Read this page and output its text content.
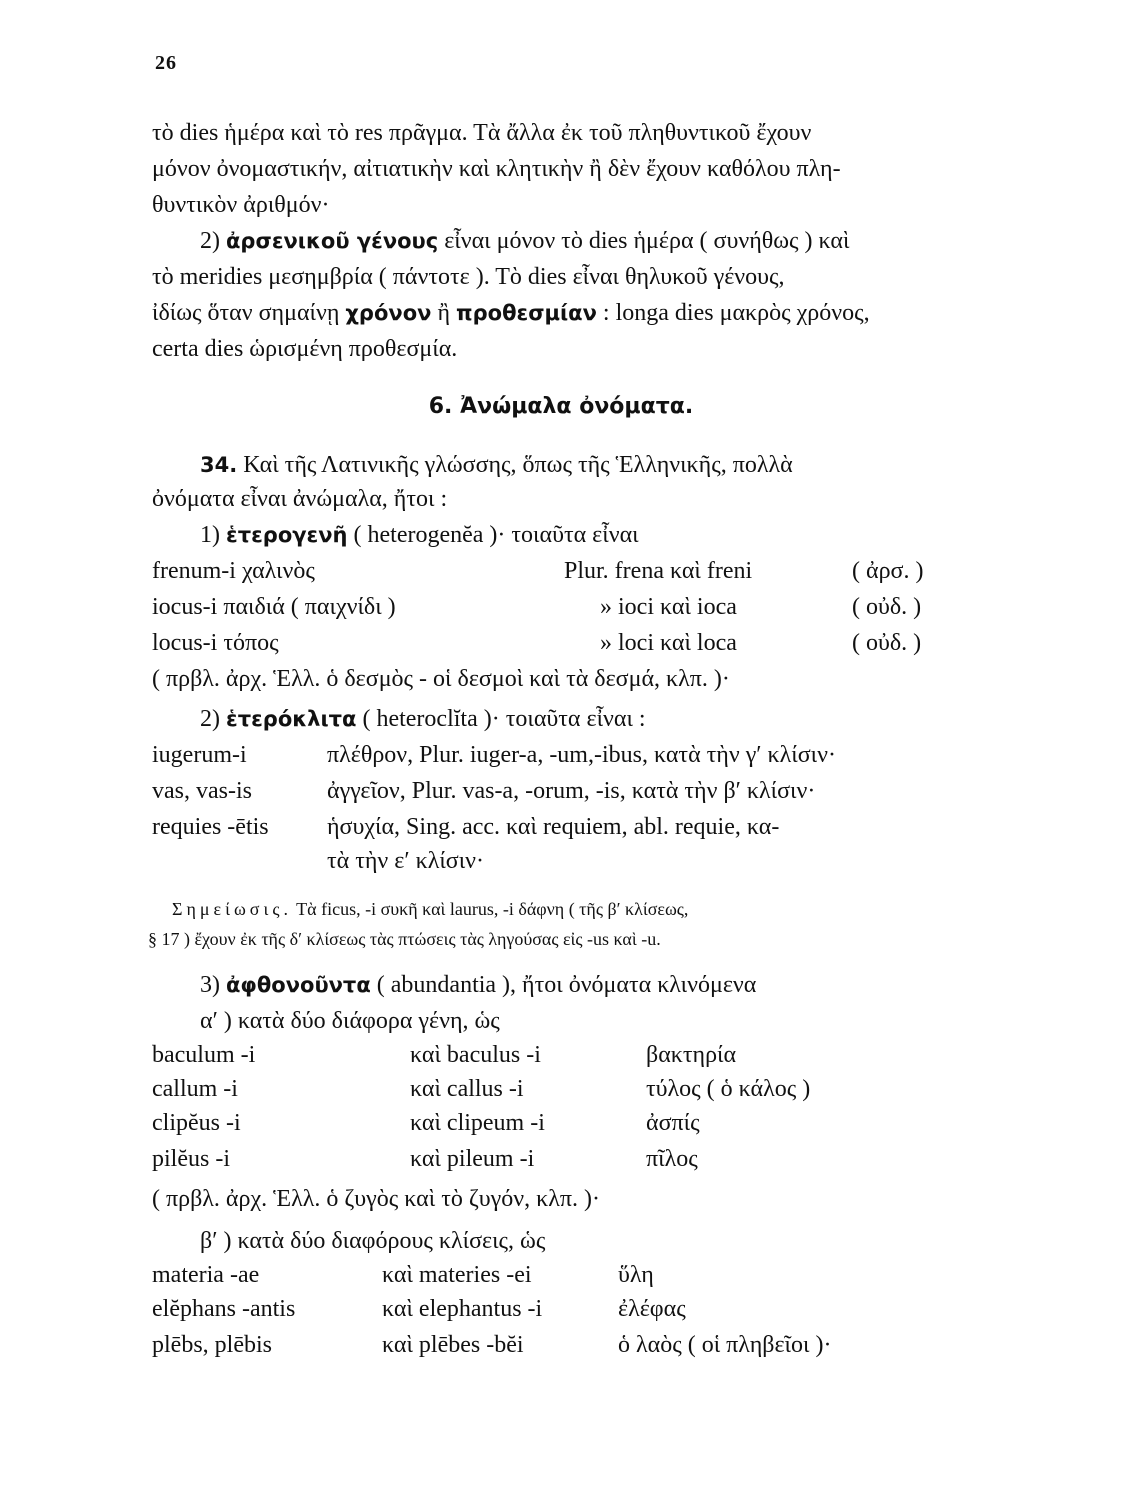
26
τὸ dies ἡμέρα καὶ τὸ res πρᾶγμα. Τὰ ἄλλα ἐκ τοῦ πληθυντικοῦ ἔχουν
μόνον ὀνομαστικήν, αἰτιατικὴν καὶ κλητικὴν ἢ δὲν ἔχουν καθόλου πλη-
θυντικὸν ἀριθμόν·
2) ἀρσενικοῦ γένους εἶναι μόνον τὸ dies ἡμέρα ( συνήθως ) καὶ
τὸ meridies μεσημβρία ( πάντοτε ). Τὸ dies εἶναι θηλυκοῦ γένους,
ἰδίως ὅταν σημαίνῃ χρόνον ἢ προθεσμίαν : longa dies μακρὸς χρόνος,
certa dies ὡρισμένη προθεσμία.
6. Ἀνώμαλα ὀνόματα.
34. Καὶ τῆς Λατινικῆς γλώσσης, ὅπως τῆς Ἑλληνικῆς, πολλὰ
ὀνόματα εἶναι ἀνώμαλα, ἤτοι :
1) ἑτερογενῆ ( heterogenĕa )· τοιαῦτα εἶναι
frenum-i χαλινὸς	Plur. frena καὶ freni	( ἀρσ. )
iocus-i παιδιά ( παιχνίδι )	» ioci καὶ ioca	( οὐδ. )
locus-i τόπος	» loci καὶ loca	( οὐδ. )
( πρβλ. ἀρχ. Ἑλλ. ὁ δεσμὸς - οἱ δεσμοὶ καὶ τὰ δεσμά, κλπ. )·
2) ἑτερόκλιτα ( heteroclĭta )· τοιαῦτα εἶναι :
iugerum-i	πλέθρον, Plur. iuger-a, -um,-ibus, κατὰ τὴν γ′ κλίσιν·
vas, vas-is	ἀγγεῖον, Plur. vas-a, -orum, -is, κατὰ τὴν β′ κλίσιν·
requies -ētis ἡσυχία, Sing. acc. καὶ requiem, abl. requie, κα-
τὰ τὴν ε′ κλίσιν·
Σημείωσις. Τὰ ficus, -i συκῆ καὶ laurus, -i δάφνη ( τῆς β′ κλίσεως,
§ 17 ) ἔχουν ἐκ τῆς δ′ κλίσεως τὰς πτώσεις τὰς ληγούσας εἰς -us καὶ -u.
3) ἀφθονοῦντα ( abundantia ), ἤτοι ὀνόματα κλινόμενα
α′ ) κατὰ δύο διάφορα γένη, ὡς
baculum -i	καὶ baculus -i	βακτηρία
callum -i	καὶ callus -i	τύλος ( ὁ κάλος )
clipĕus -i	καὶ clipeum -i	ἀσπίς
pilĕus -i	καὶ pileum -i	πῖλος
( πρβλ. ἀρχ. Ἑλλ. ὁ ζυγὸς καὶ τὸ ζυγόν, κλπ. )·
β′ ) κατὰ δύο διαφόρους κλίσεις, ὡς
materia -ae	καὶ materies -ei	ὕλη
elĕphans -antis	καὶ elephantus -i	ἐλέφας
plēbs, plēbis	καὶ plēbes -bĕi	ὁ λαὸς ( οἱ πληβεῖοι )·
